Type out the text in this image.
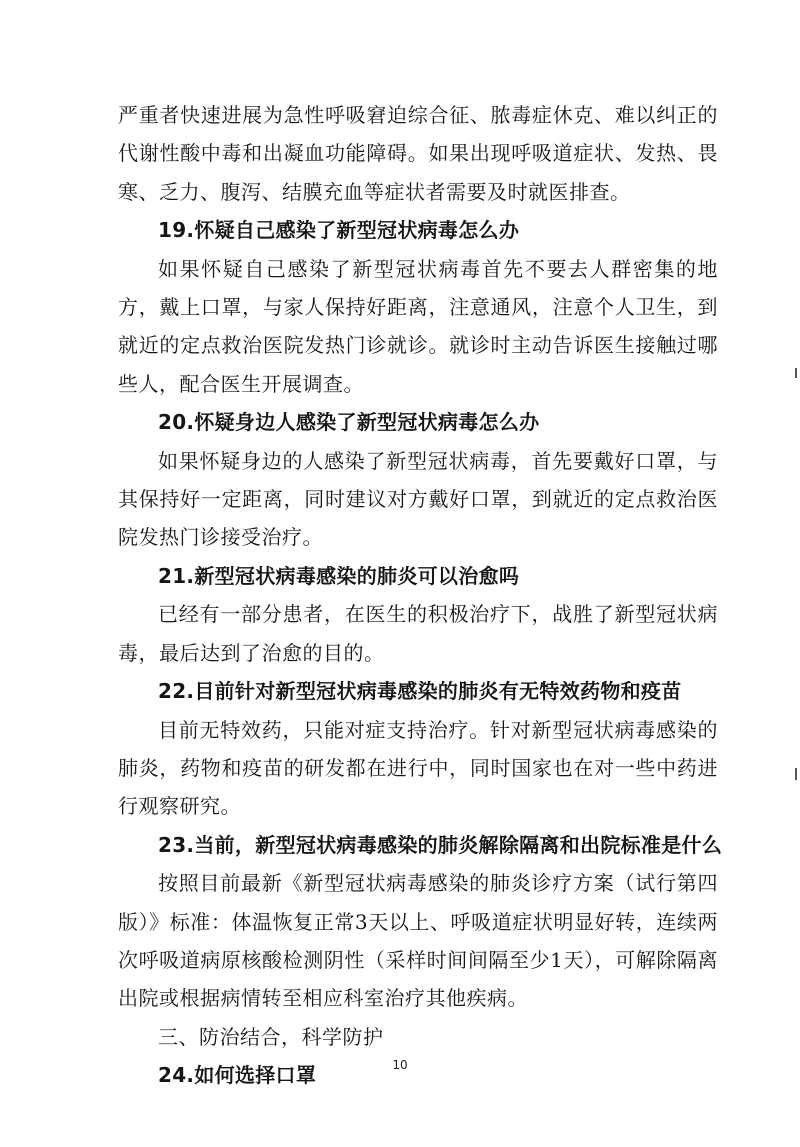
严重者快速进展为急性呼吸窘迫综合征、脓毒症休克、难以纠正的代谢性酸中毒和出凝血功能障碍。如果出现呼吸道症状、发热、畏寒、乏力、腹泻、结膜充血等症状者需要及时就医排查。

19.怀疑自己感染了新型冠状病毒怎么办

如果怀疑自己感染了新型冠状病毒首先不要去人群密集的地方，戴上口罩，与家人保持好距离，注意通风，注意个人卫生，到就近的定点救治医院发热门诊就诊。就诊时主动告诉医生接触过哪些人，配合医生开展调查。

20.怀疑身边人感染了新型冠状病毒怎么办

如果怀疑身边的人感染了新型冠状病毒，首先要戴好口罩，与其保持好一定距离，同时建议对方戴好口罩，到就近的定点救治医院发热门诊接受治疗。

21.新型冠状病毒感染的肺炎可以治愈吗

已经有一部分患者，在医生的积极治疗下，战胜了新型冠状病毒，最后达到了治愈的目的。

22.目前针对新型冠状病毒感染的肺炎有无特效药物和疫苗

目前无特效药，只能对症支持治疗。针对新型冠状病毒感染的肺炎，药物和疫苗的研发都在进行中，同时国家也在对一些中药进行观察研究。

23.当前，新型冠状病毒感染的肺炎解除隔离和出院标准是什么

按照目前最新《新型冠状病毒感染的肺炎诊疗方案（试行第四版）》标准：体温恢复正常3天以上、呼吸道症状明显好转，连续两次呼吸道病原核酸检测阴性（采样时间间隔至少1天），可解除隔离出院或根据病情转至相应科室治疗其他疾病。

三、防治结合，科学防护

24.如何选择口罩	10
